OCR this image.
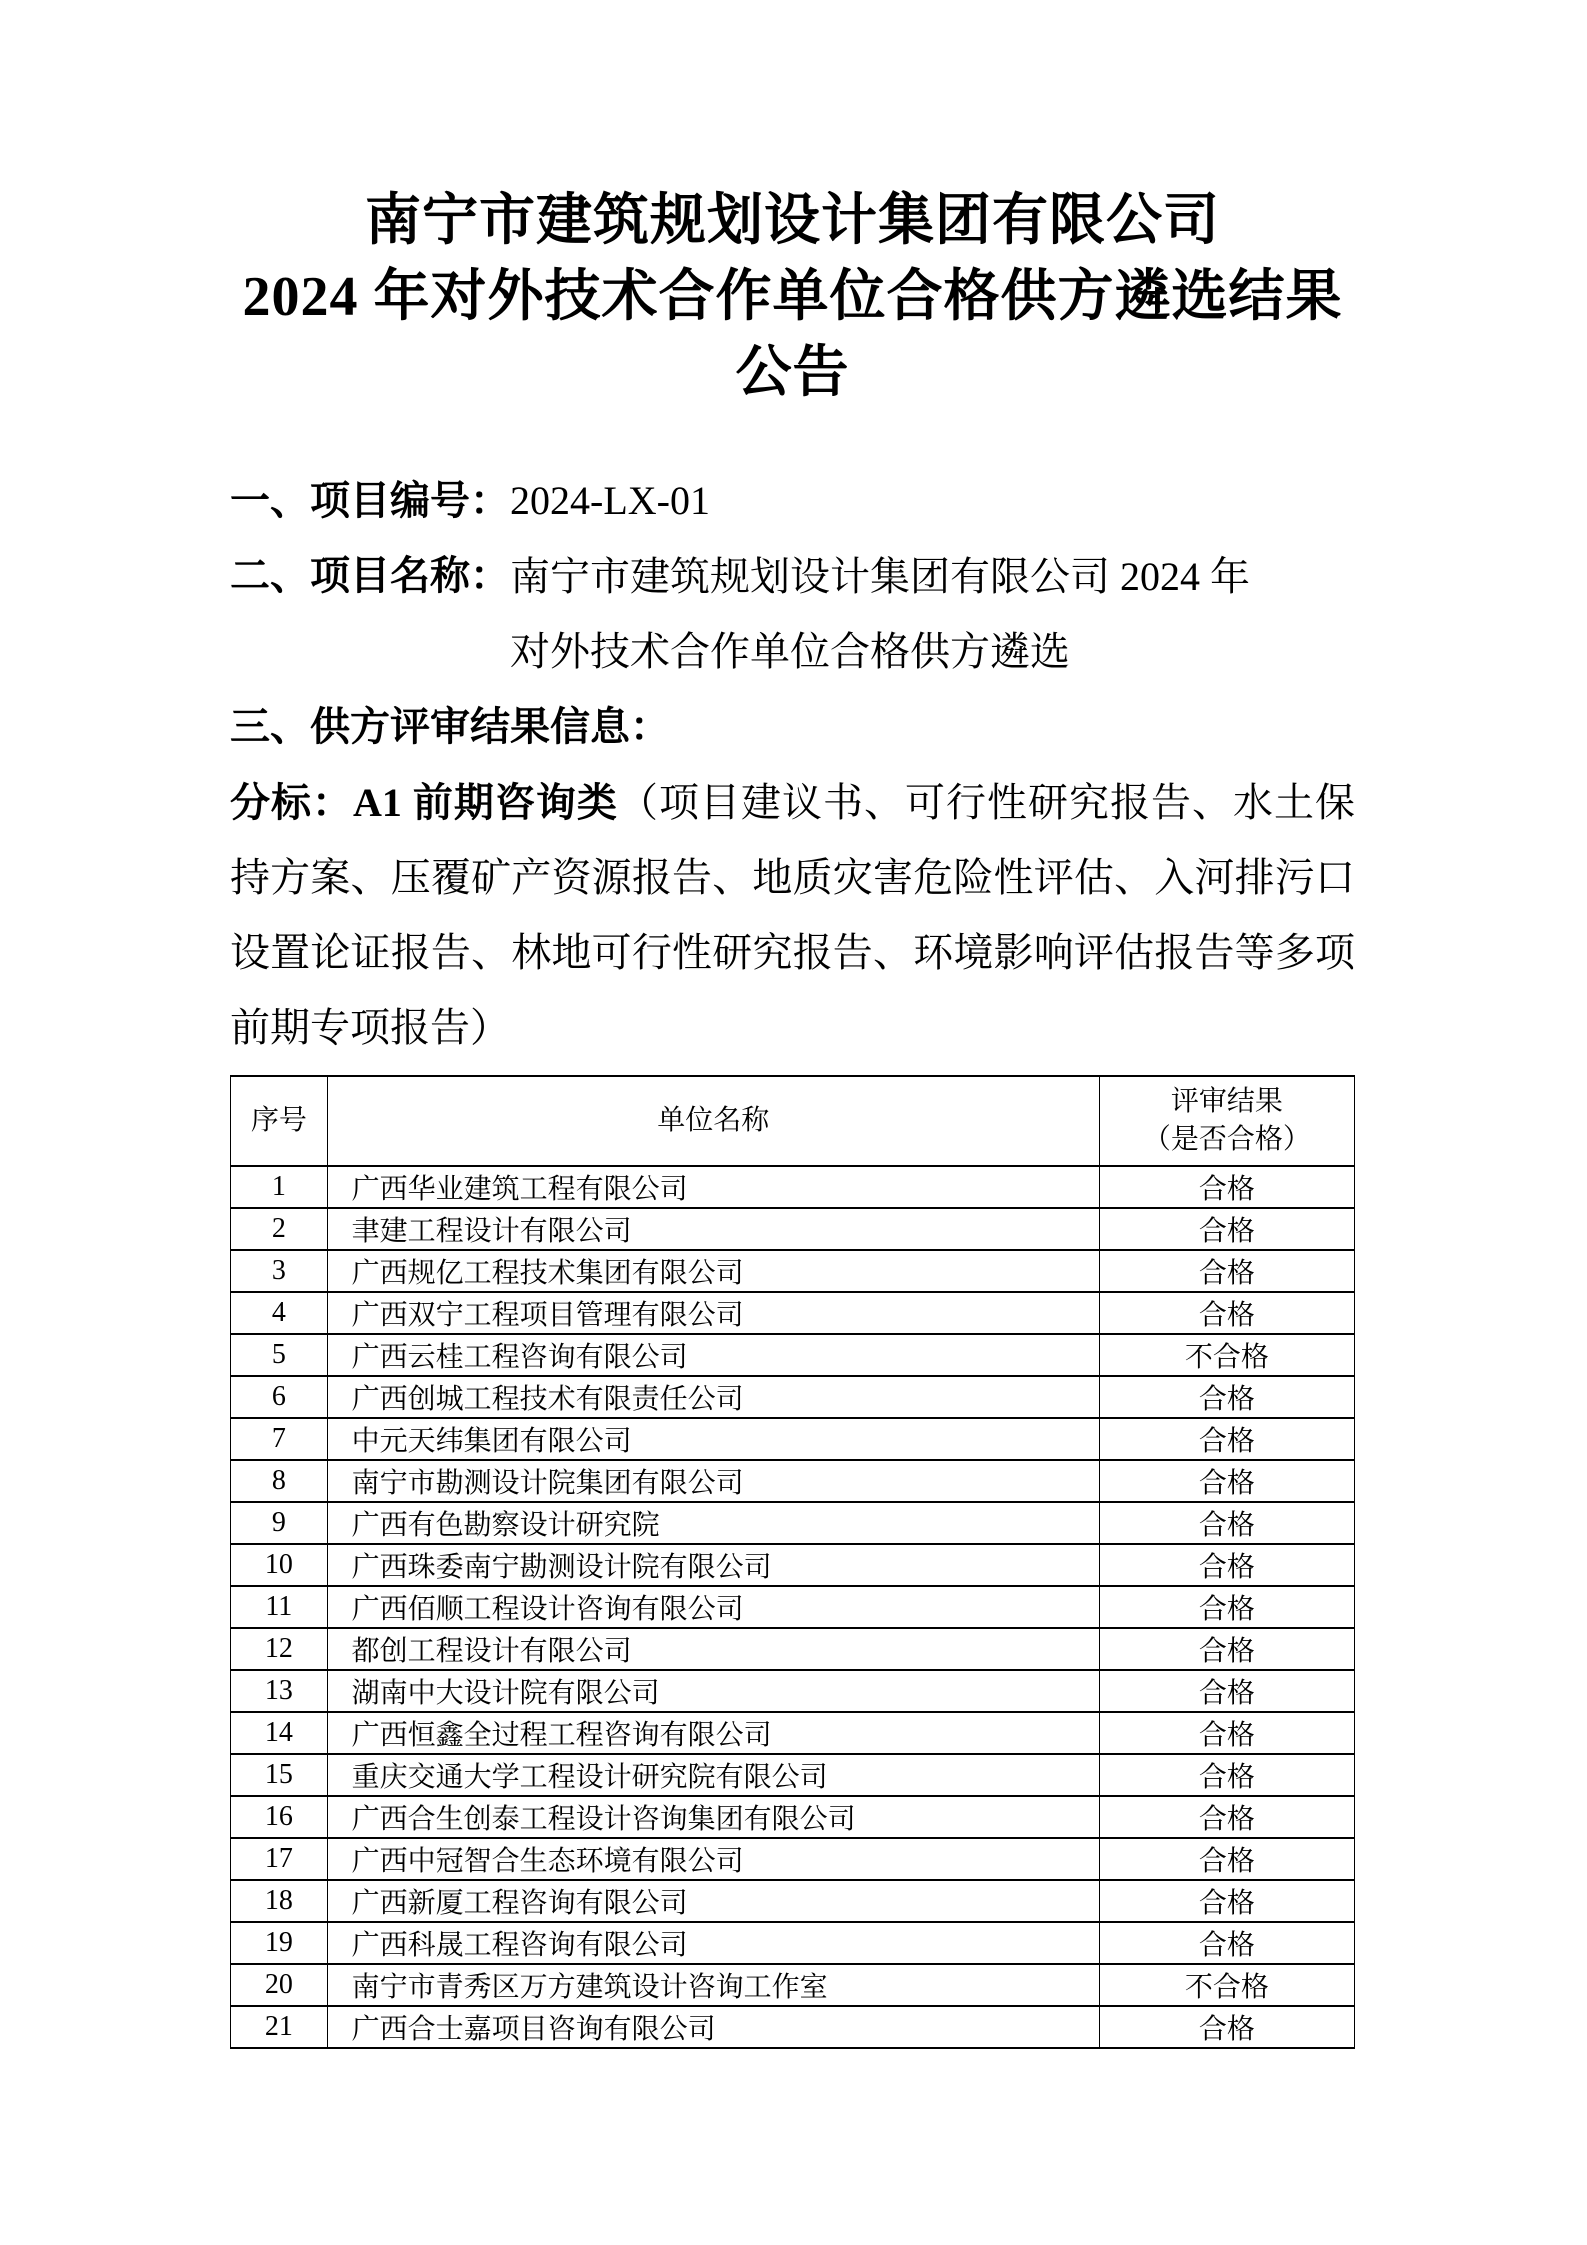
南宁市建筑规划设计集团有限公司
2024 年对外技术合作单位合格供方遴选结果
公告
一、项目编号：2024-LX-01
二、项目名称： 南宁市建筑规划设计集团有限公司 2024 年
对外技术合作单位合格供方遴选
三、供方评审结果信息：

分标：A1 前期咨询类（项目建议书、可行性研究报告、水土保持方案、压覆矿产资源报告、地质灾害危险性评估、入河排污口设置论证报告、林地可行性研究报告、环境影响评估报告等多项前期专项报告）

序号	单位名称	评审结果
（是否合格）

1	广西华业建筑工程有限公司	合格
2	聿建工程设计有限公司	合格
3	广西规亿工程技术集团有限公司	合格
4	广西双宁工程项目管理有限公司	合格
5	广西云桂工程咨询有限公司	不合格
6	广西创城工程技术有限责任公司	合格
7	中元天纬集团有限公司	合格
8	南宁市勘测设计院集团有限公司	合格
9	广西有色勘察设计研究院	合格
10	广西珠委南宁勘测设计院有限公司	合格
11	广西佰顺工程设计咨询有限公司	合格
12	都创工程设计有限公司	合格
13	湖南中大设计院有限公司	合格
14	广西恒鑫全过程工程咨询有限公司	合格
15	重庆交通大学工程设计研究院有限公司	合格
16	广西合生创泰工程设计咨询集团有限公司	合格
17	广西中冠智合生态环境有限公司	合格
18	广西新厦工程咨询有限公司	合格
19	广西科晟工程咨询有限公司	合格
20	南宁市青秀区万方建筑设计咨询工作室	不合格
21	广西合士嘉项目咨询有限公司	合格
